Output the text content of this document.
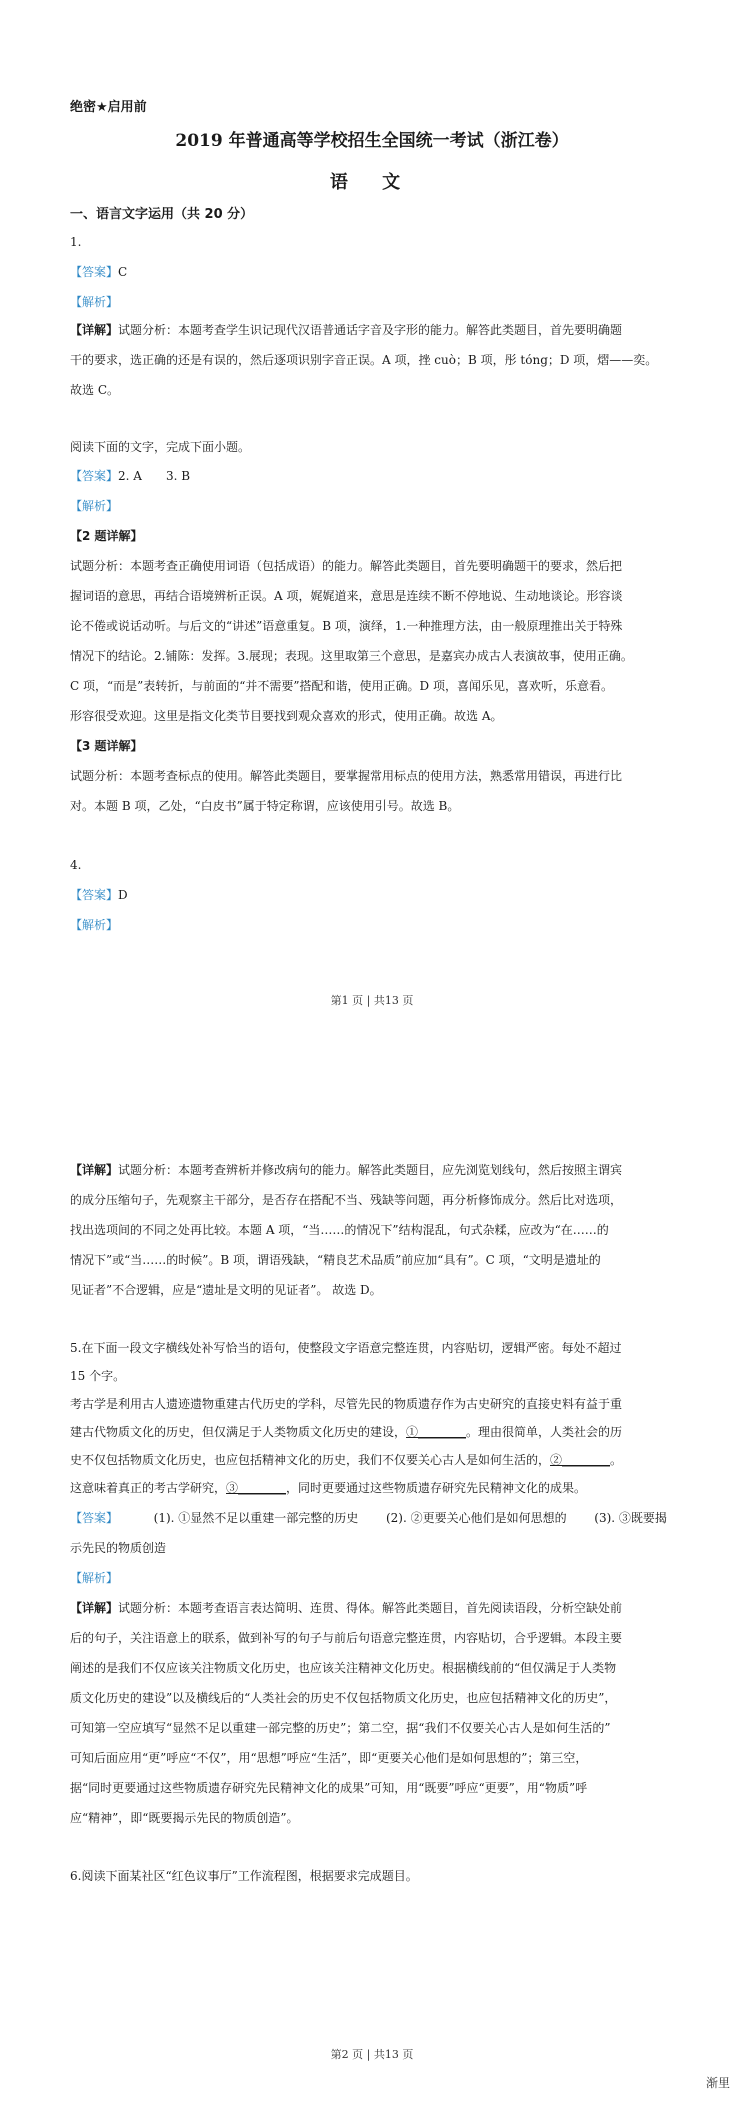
绝密★启用前
2019 年普通高等学校招生全国统一考试（浙江卷）
语 文
一、语言文字运用（共 20 分）
1.
【答案】C
【解析】
【详解】试题分析：本题考查学生识记现代汉语普通话字音及字形的能力。解答此类题目，首先要明确题
干的要求，选正确的还是有误的，然后逐项识别字音正误。A 项，挫 cuò；B 项，彤 tóng；D 项，熠——奕。
故选 C。
阅读下面的文字，完成下面小题。
【答案】2. A　　3. B
【解析】
【2 题详解】
试题分析：本题考查正确使用词语（包括成语）的能力。解答此类题目，首先要明确题干的要求，然后把
握词语的意思，再结合语境辨析正误。A 项，娓娓道来，意思是连续不断不停地说、生动地谈论。形容谈
论不倦或说话动听。与后文的“讲述”语意重复。B 项，演绎，1.一种推理方法，由一般原理推出关于特殊
情况下的结论。2.铺陈：发挥。3.展现；表现。这里取第三个意思，是嘉宾办成古人表演故事，使用正确。
C 项，“而是”表转折，与前面的“并不需要”搭配和谐，使用正确。D 项，喜闻乐见，喜欢听，乐意看。
形容很受欢迎。这里是指文化类节目要找到观众喜欢的形式，使用正确。故选 A。
【3 题详解】
试题分析：本题考查标点的使用。解答此类题目，要掌握常用标点的使用方法，熟悉常用错误，再进行比
对。本题 B 项，乙处，“白皮书”属于特定称谓，应该使用引号。故选 B。
4.
【答案】D
【解析】
第1 页 | 共13 页
【详解】试题分析：本题考查辨析并修改病句的能力。解答此类题目，应先浏览划线句，然后按照主谓宾
的成分压缩句子，先观察主干部分，是否存在搭配不当、残缺等问题，再分析修饰成分。然后比对选项，
找出选项间的不同之处再比较。本题 A 项，“当……的情况下”结构混乱，句式杂糅，应改为“在……的
情况下”或“当……的时候”。B 项，谓语残缺，“精良艺术品质”前应加“具有”。C 项，“文明是遗址的
见证者”不合逻辑，应是“遗址是文明的见证者”。 故选 D。
5.在下面一段文字横线处补写恰当的语句，使整段文字语意完整连贯，内容贴切，逻辑严密。每处不超过
15 个字。
考古学是利用古人遗迹遗物重建古代历史的学科，尽管先民的物质遗存作为古史研究的直接史料有益于重
建古代物质文化的历史，但仅满足于人类物质文化历史的建设，①________。理由很简单，人类社会的历
史不仅包括物质文化历史，也应包括精神文化的历史，我们不仅要关心古人是如何生活的，②________。
这意味着真正的考古学研究，③________，同时更要通过这些物质遗存研究先民精神文化的成果。
【答案】	(1). ①显然不足以重建一部完整的历史 (2). ②更要关心他们是如何思想的 (3). ③既要揭
示先民的物质创造
【解析】
【详解】试题分析：本题考查语言表达简明、连贯、得体。解答此类题目，首先阅读语段，分析空缺处前
后的句子，关注语意上的联系，做到补写的句子与前后句语意完整连贯，内容贴切，合乎逻辑。本段主要
阐述的是我们不仅应该关注物质文化历史，也应该关注精神文化历史。根据横线前的“但仅满足于人类物
质文化历史的建设”以及横线后的“人类社会的历史不仅包括物质文化历史，也应包括精神文化的历史”，
可知第一空应填写“显然不足以重建一部完整的历史”；第二空，据“我们不仅要关心古人是如何生活的”
可知后面应用“更”呼应“不仅”，用“思想”呼应“生活”，即“更要关心他们是如何思想的”；第三空，
据“同时更要通过这些物质遗存研究先民精神文化的成果”可知，用“既要”呼应“更要”，用“物质”呼
应“精神”，即“既要揭示先民的物质创造”。
6.阅读下面某社区“红色议事厅”工作流程图，根据要求完成题目。
第2 页 | 共13 页
渐里
